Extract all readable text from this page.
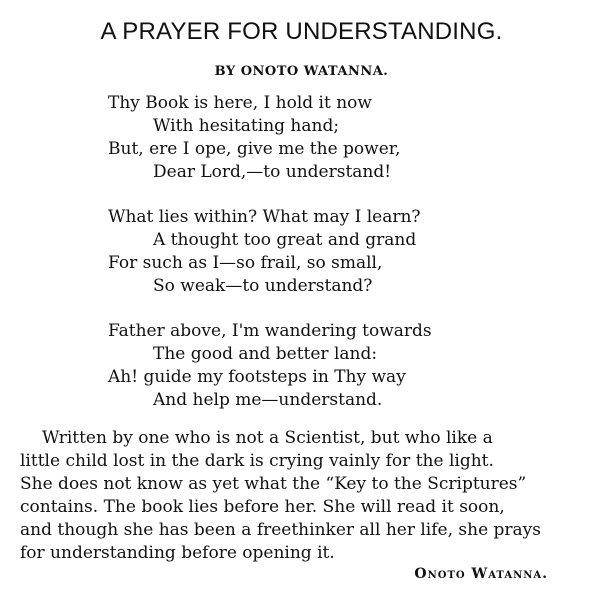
A PRAYER FOR UNDERSTANDING.
BY ONOTO WATANNA.
Thy Book is here, I hold it now
With hesitating hand;
But, ere I ope, give me the power,
Dear Lord,—to understand!
What lies within? What may I learn?
A thought too great and grand
For such as I—so frail, so small,
So weak—to understand?
Father above, I'm wandering towards
The good and better land:
Ah! guide my footsteps in Thy way
And help me—understand.
Written by one who is not a Scientist, but who like a
little child lost in the dark is crying vainly for the light.
She does not know as yet what the “Key to the Scriptures”
contains. The book lies before her. She will read it soon,
and though she has been a freethinker all her life, she prays
for understanding before opening it.
Onoto Watanna.
